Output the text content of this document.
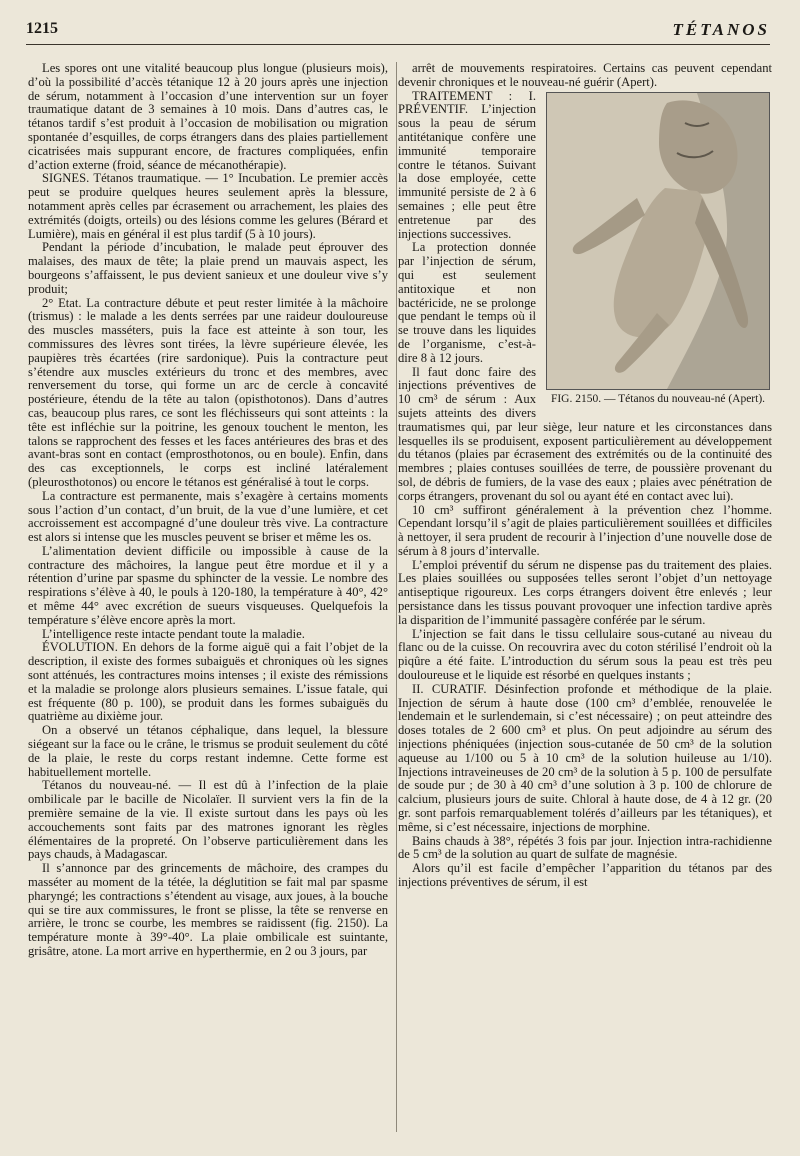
1215	TÉTANOS

Les spores ont une vitalité beaucoup plus longue (plusieurs mois), d’où la possibilité d’accès tétanique 12 à 20 jours après une injection de sérum, notamment à l’occasion d’une intervention sur un foyer traumatique datant de 3 semaines à 10 mois. Dans d’autres cas, le tétanos tardif s’est produit à l’occasion de mobilisation ou migration spontanée d’esquilles, de corps étrangers dans des plaies partiellement cicatrisées mais suppurant encore, de fractures compliquées, enfin d’action externe (froid, séance de mécanothérapie).

SIGNES. Tétanos traumatique. — 1° Incubation. Le premier accès peut se produire quelques heures seulement après la blessure, notamment après celles par écrasement ou arrachement, les plaies des extrémités (doigts, orteils) ou des lésions comme les gelures (Bérard et Lumière), mais en général il est plus tardif (5 à 10 jours).

Pendant la période d’incubation, le malade peut éprouver des malaises, des maux de tête; la plaie prend un mauvais aspect, les bourgeons s’affaissent, le pus devient sanieux et une douleur vive s’y produit;

2° Etat. La contracture débute et peut rester limitée à la mâchoire (trismus) : le malade a les dents serrées par une raideur douloureuse des muscles masséters, puis la face est atteinte à son tour, les commissures des lèvres sont tirées, la lèvre supérieure élevée, les paupières très écartées (rire sardonique). Puis la contracture peut s’étendre aux muscles extérieurs du tronc et des membres, avec renversement du torse, qui forme un arc de cercle à concavité postérieure, étendu de la tête au talon (opisthotonos). Dans d’autres cas, beaucoup plus rares, ce sont les fléchisseurs qui sont atteints : la tête est infléchie sur la poitrine, les genoux touchent le menton, les talons se rapprochent des fesses et les faces antérieures des bras et des avant-bras sont en contact (emprosthotonos, ou en boule). Enfin, dans des cas exceptionnels, le corps est incliné latéralement (pleurosthotonos) ou encore le tétanos est généralisé à tout le corps.

La contracture est permanente, mais s’exagère à certains moments sous l’action d’un contact, d’un bruit, de la vue d’une lumière, et cet accroissement est accompagné d’une douleur très vive. La contracture est alors si intense que les muscles peuvent se briser et même les os.

L’alimentation devient difficile ou impossible à cause de la contracture des mâchoires, la langue peut être mordue et il y a rétention d’urine par spasme du sphincter de la vessie. Le nombre des respirations s’élève à 40, le pouls à 120-180, la température à 40°, 42° et même 44° avec excrétion de sueurs visqueuses. Quelquefois la température s’élève encore après la mort.

L’intelligence reste intacte pendant toute la maladie.

ÉVOLUTION. En dehors de la forme aiguë qui a fait l’objet de la description, il existe des formes subaiguës et chroniques où les signes sont atténués, les contractures moins intenses ; il existe des rémissions et la maladie se prolonge alors plusieurs semaines. L’issue fatale, qui est fréquente (80 p. 100), se produit dans les formes subaiguës du quatrième au dixième jour.

On a observé un tétanos céphalique, dans lequel, la blessure siégeant sur la face ou le crâne, le trismus se produit seulement du côté de la plaie, le reste du corps restant indemne. Cette forme est habituellement mortelle.

Tétanos du nouveau-né. — Il est dû à l’infection de la plaie ombilicale par le bacille de Nicolaïer. Il survient vers la fin de la première semaine de la vie. Il existe surtout dans les pays où les accouchements sont faits par des matrones ignorant les règles élémentaires de la propreté. On l’observe particulièrement dans les pays chauds, à Madagascar.

Il s’annonce par des grincements de mâchoire, des crampes du masséter au moment de la tétée, la déglutition se fait mal par spasme pharyngé; les contractions s’étendent au visage, aux joues, à la bouche qui se tire aux commissures, le front se plisse, la tête se renverse en arrière, le tronc se courbe, les membres se raidissent (fig. 2150). La température monte à 39°-40°. La plaie ombilicale est suintante, grisâtre, atone. La mort arrive en hyperthermie, en 2 ou 3 jours, par

arrêt de mouvements respiratoires. Certains cas peuvent cependant devenir chroniques et le nouveau-né guérir (Apert).

FIG. 2150. — Tétanos du nouveau-né (Apert).

TRAITEMENT : I. PRÉVENTIF. L’injection sous la peau de sérum antitétanique confère une immunité temporaire contre le tétanos. Suivant la dose employée, cette immunité persiste de 2 à 6 semaines ; elle peut être entretenue par des injections successives.

La protection donnée par l’injection de sérum, qui est seulement antitoxique et non bactéricide, ne se prolonge que pendant le temps où il se trouve dans les liquides de l’organisme, c’est-à-dire 8 à 12 jours.

Il faut donc faire des injections préventives de 10 cm³ de sérum : Aux sujets atteints des divers traumatismes qui, par leur siège, leur nature et les circonstances dans lesquelles ils se produisent, exposent particulièrement au développement du tétanos (plaies par écrasement des extrémités ou de la continuité des membres ; plaies contuses souillées de terre, de poussière provenant du sol, de débris de fumiers, de la vase des eaux ; plaies avec pénétration de corps étrangers, provenant du sol ou ayant été en contact avec lui).

10 cm³ suffiront généralement à la prévention chez l’homme. Cependant lorsqu’il s’agit de plaies particulièrement souillées et difficiles à nettoyer, il sera prudent de recourir à l’injection d’une nouvelle dose de sérum à 8 jours d’intervalle.

L’emploi préventif du sérum ne dispense pas du traitement des plaies. Les plaies souillées ou supposées telles seront l’objet d’un nettoyage antiseptique rigoureux. Les corps étrangers doivent être enlevés ; leur persistance dans les tissus pouvant provoquer une infection tardive après la disparition de l’immunité passagère conférée par le sérum.

L’injection se fait dans le tissu cellulaire sous-cutané au niveau du flanc ou de la cuisse. On recouvrira avec du coton stérilisé l’endroit où la piqûre a été faite. L’introduction du sérum sous la peau est très peu douloureuse et le liquide est résorbé en quelques instants ;

II. CURATIF. Désinfection profonde et méthodique de la plaie. Injection de sérum à haute dose (100 cm³ d’emblée, renouvelée le lendemain et le surlendemain, si c’est nécessaire) ; on peut atteindre des doses totales de 2 600 cm³ et plus. On peut adjoindre au sérum des injections phéniquées (injection sous-cutanée de 50 cm³ de la solution aqueuse au 1/100 ou 5 à 10 cm³ de la solution huileuse au 1/10). Injections intraveineuses de 20 cm³ de la solution à 5 p. 100 de persulfate de soude pur ; de 30 à 40 cm³ d’une solution à 3 p. 100 de chlorure de calcium, plusieurs jours de suite. Chloral à haute dose, de 4 à 12 gr. (20 gr. sont parfois remarquablement tolérés d’ailleurs par les tétaniques), et même, si c’est nécessaire, injections de morphine.

Bains chauds à 38°, répétés 3 fois par jour. Injection intra-rachidienne de 5 cm³ de la solution au quart de sulfate de magnésie.

Alors qu’il est facile d’empêcher l’apparition du tétanos par des injections préventives de sérum, il est
